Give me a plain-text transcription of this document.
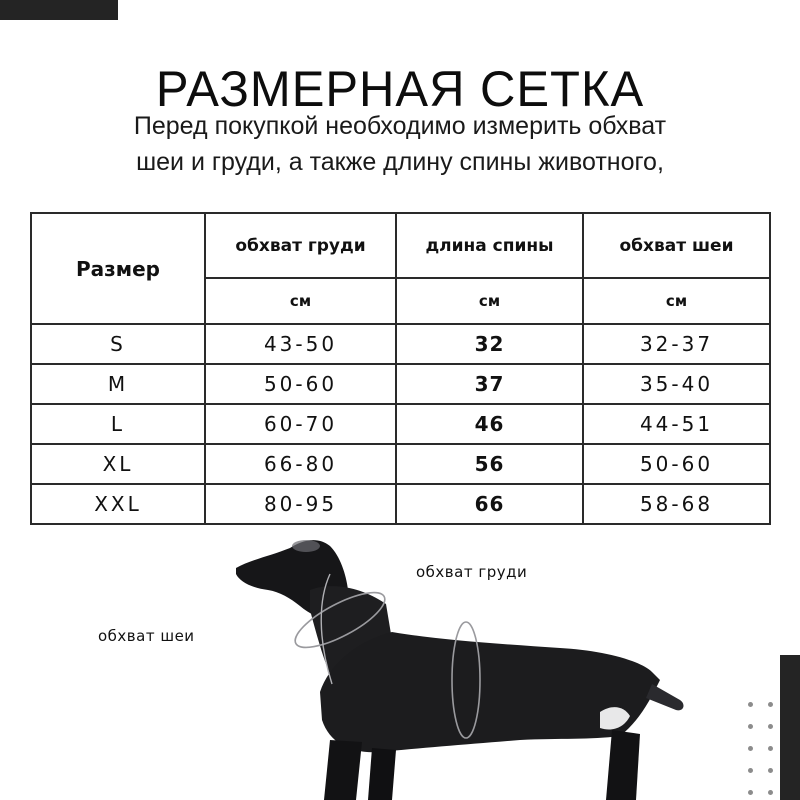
РАЗМЕРНАЯ СЕТКА
Перед покупкой необходимо измерить обхват
шеи и груди, а также длину спины животного,
Размер	обхват груди	длина спины	обхват шеи
	см	см	см
S	43-50	32	32-37
M	50-60	37	35-40
L	60-70	46	44-51
XL	66-80	56	50-60
XXL	80-95	66	58-68
обхват груди
обхват шеи
